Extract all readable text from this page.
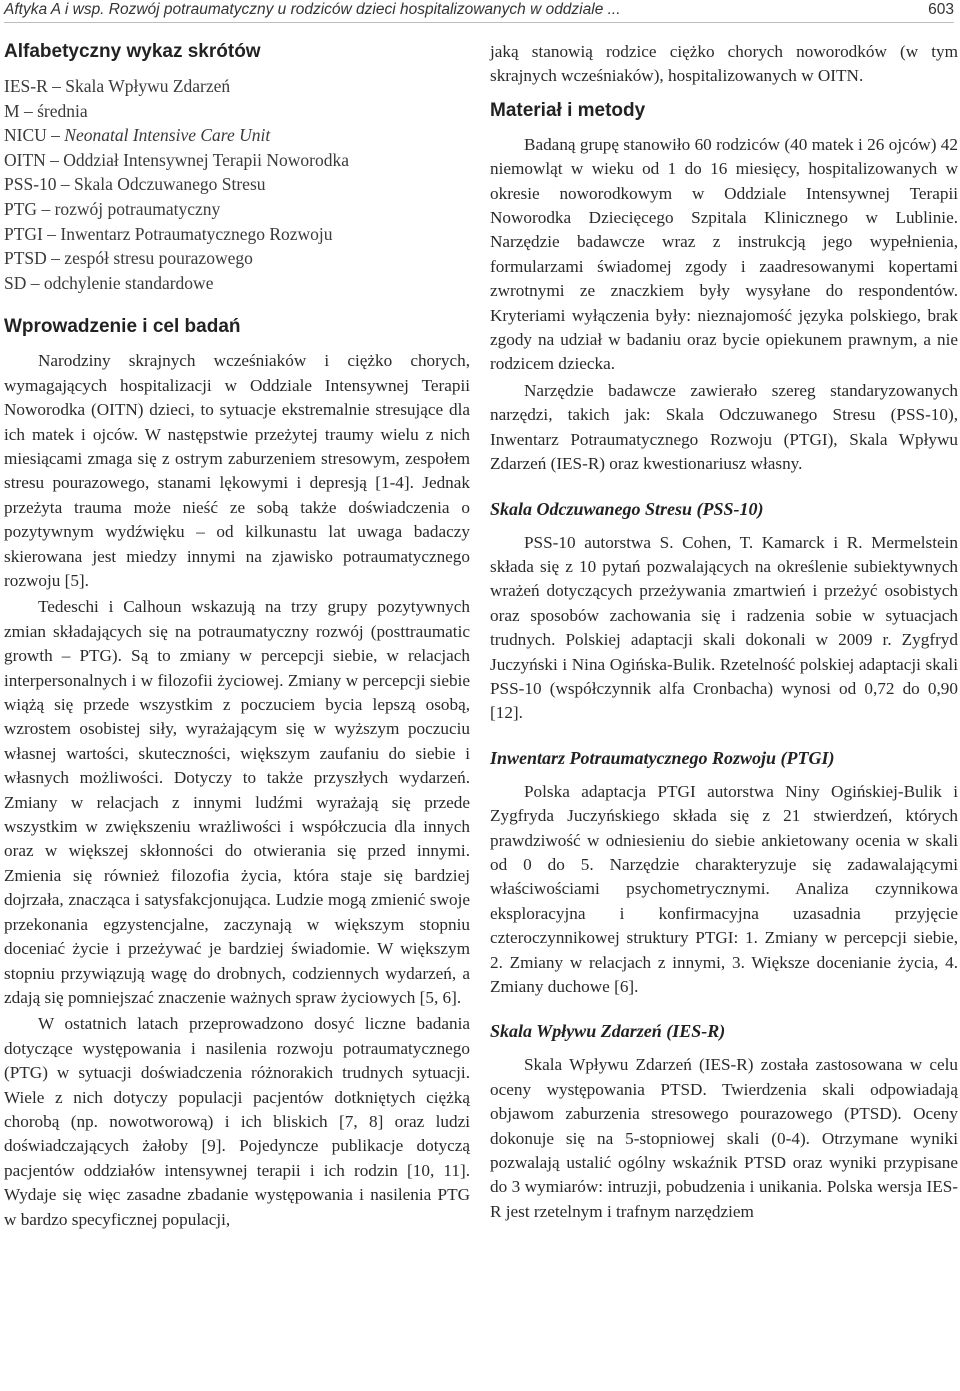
Aftyka A i wsp. Rozwój potraumatyczny u rodziców dzieci hospitalizowanych w oddziale ...	603
Alfabetyczny wykaz skrótów
IES-R – Skala Wpływu Zdarzeń
M – średnia
NICU – Neonatal Intensive Care Unit
OITN – Oddział Intensywnej Terapii Noworodka
PSS-10 – Skala Odczuwanego Stresu
PTG – rozwój potraumatyczny
PTGI – Inwentarz Potraumatycznego Rozwoju
PTSD – zespół stresu pourazowego
SD – odchylenie standardowe
Wprowadzenie i cel badań

Narodziny skrajnych wcześniaków i ciężko chorych, wymagających hospitalizacji w Oddziale Intensywnej Terapii Noworodka (OITN) dzieci, to sytuacje ekstremalnie stresujące dla ich matek i ojców. W następstwie przeżytej traumy wielu z nich miesiącami zmaga się z ostrym zaburzeniem stresowym, zespołem stresu pourazowego, stanami lękowymi i depresją [1-4]. Jednak przeżyta trauma może nieść ze sobą także doświadczenia o pozytywnym wydźwięku – od kilkunastu lat uwaga badaczy skierowana jest miedzy innymi na zjawisko potraumatycznego rozwoju [5].

Tedeschi i Calhoun wskazują na trzy grupy pozytywnych zmian składających się na potraumatyczny rozwój (posttraumatic growth – PTG). Są to zmiany w percepcji siebie, w relacjach interpersonalnych i w filozofii życiowej. Zmiany w percepcji siebie wiążą się przede wszystkim z poczuciem bycia lepszą osobą, wzrostem osobistej siły, wyrażającym się w wyższym poczuciu własnej wartości, skuteczności, większym zaufaniu do siebie i własnych możliwości. Dotyczy to także przyszłych wydarzeń. Zmiany w relacjach z innymi ludźmi wyrażają się przede wszystkim w zwiększeniu wrażliwości i współczucia dla innych oraz w większej skłonności do otwierania się przed innymi. Zmienia się również filozofia życia, która staje się bardziej dojrzała, znacząca i satysfakcjonująca. Ludzie mogą zmienić swoje przekonania egzystencjalne, zaczynają w większym stopniu doceniać życie i przeżywać je bardziej świadomie. W większym stopniu przywiązują wagę do drobnych, codziennych wydarzeń, a zdają się pomniejszać znaczenie ważnych spraw życiowych [5, 6].

W ostatnich latach przeprowadzono dosyć liczne badania dotyczące występowania i nasilenia rozwoju potraumatycznego (PTG) w sytuacji doświadczenia różnorakich trudnych sytuacji. Wiele z nich dotyczy populacji pacjentów dotkniętych ciężką chorobą (np. nowotworową) i ich bliskich [7, 8] oraz ludzi doświadczających żałoby [9]. Pojedyncze publikacje dotyczą pacjentów oddziałów intensywnej terapii i ich rodzin [10, 11]. Wydaje się więc zasadne zbadanie występowania i nasilenia PTG w bardzo specyficznej populacji,

jaką stanowią rodzice ciężko chorych noworodków (w tym skrajnych wcześniaków), hospitalizowanych w OITN.

Materiał i metody

Badaną grupę stanowiło 60 rodziców (40 matek i 26 ojców) 42 niemowląt w wieku od 1 do 16 miesięcy, hospitalizowanych w okresie noworodkowym w Oddziale Intensywnej Terapii Noworodka Dziecięcego Szpitala Klinicznego w Lublinie. Narzędzie badawcze wraz z instrukcją jego wypełnienia, formularzami świadomej zgody i zaadresowanymi kopertami zwrotnymi ze znaczkiem były wysyłane do respondentów. Kryteriami wyłączenia były: nieznajomość języka polskiego, brak zgody na udział w badaniu oraz bycie opiekunem prawnym, a nie rodzicem dziecka.

Narzędzie badawcze zawierało szereg standaryzowanych narzędzi, takich jak: Skala Odczuwanego Stresu (PSS-10), Inwentarz Potraumatycznego Rozwoju (PTGI), Skala Wpływu Zdarzeń (IES-R) oraz kwestionariusz własny.

Skala Odczuwanego Stresu (PSS-10)

PSS-10 autorstwa S. Cohen, T. Kamarck i R. Mermelstein składa się z 10 pytań pozwalających na określenie subiektywnych wrażeń dotyczących przeżywania zmartwień i przeżyć osobistych oraz sposobów zachowania się i radzenia sobie w sytuacjach trudnych. Polskiej adaptacji skali dokonali w 2009 r. Zygfryd Juczyński i Nina Ogińska-Bulik. Rzetelność polskiej adaptacji skali PSS-10 (współczynnik alfa Cronbacha) wynosi od 0,72 do 0,90 [12].

Inwentarz Potraumatycznego Rozwoju (PTGI)

Polska adaptacja PTGI autorstwa Niny Ogińskiej-Bulik i Zygfryda Juczyńskiego składa się z 21 stwierdzeń, których prawdziwość w odniesieniu do siebie ankietowany ocenia w skali od 0 do 5. Narzędzie charakteryzuje się zadawalającymi właściwościami psychometrycznymi. Analiza czynnikowa eksploracyjna i konfirmacyjna uzasadnia przyjęcie czteroczynnikowej struktury PTGI: 1. Zmiany w percepcji siebie, 2. Zmiany w relacjach z innymi, 3. Większe docenianie życia, 4. Zmiany duchowe [6].

Skala Wpływu Zdarzeń (IES-R)

Skala Wpływu Zdarzeń (IES-R) została zastosowana w celu oceny występowania PTSD. Twierdzenia skali odpowiadają objawom zaburzenia stresowego pourazowego (PTSD). Oceny dokonuje się na 5-stopniowej skali (0-4). Otrzymane wyniki pozwalają ustalić ogólny wskaźnik PTSD oraz wyniki przypisane do 3 wymiarów: intruzji, pobudzenia i unikania. Polska wersja IES-R jest rzetelnym i trafnym narzędziem
